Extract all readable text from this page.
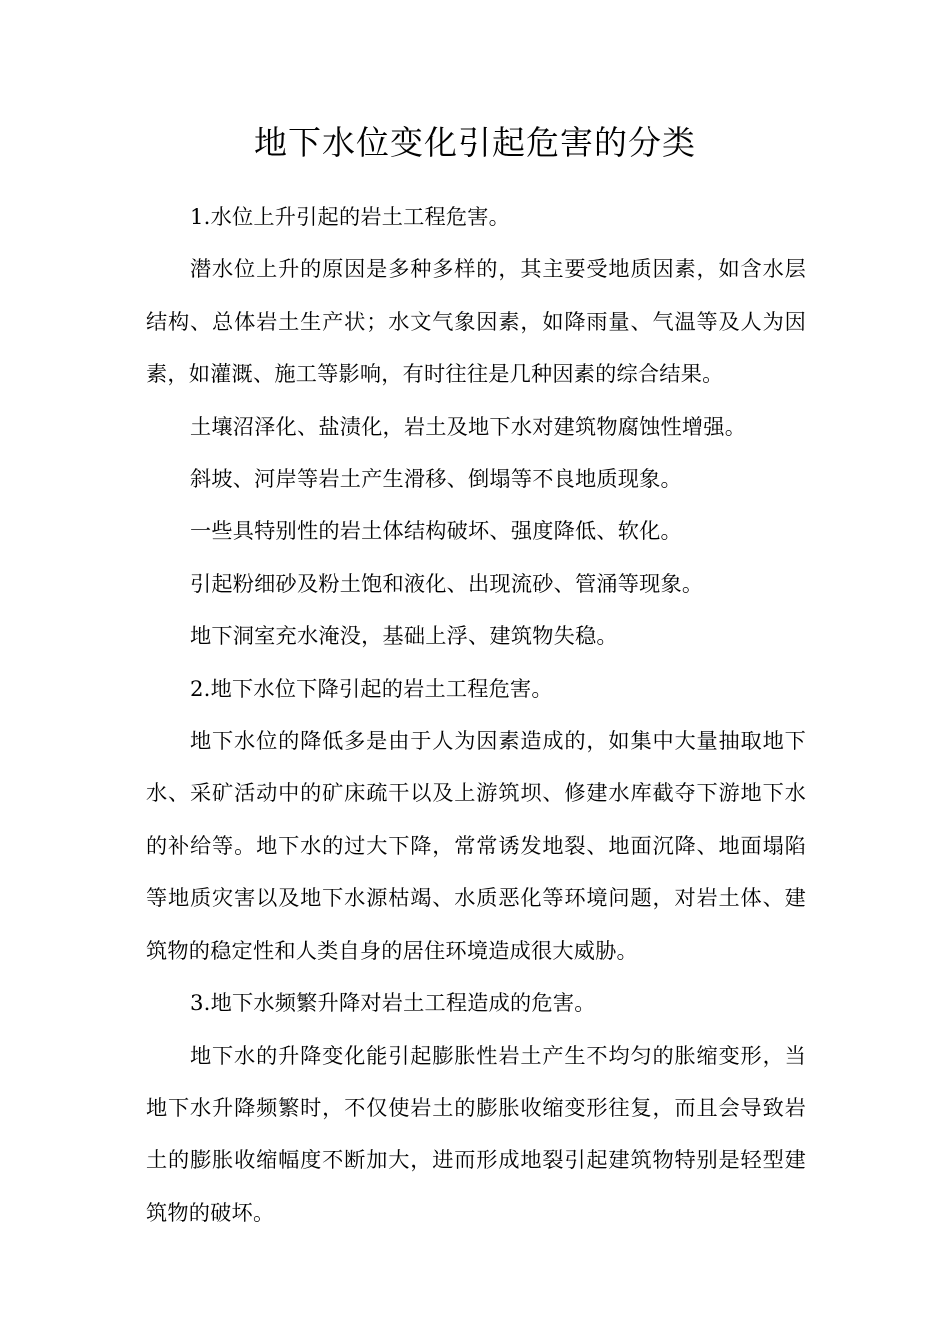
地下水位变化引起危害的分类

1.水位上升引起的岩土工程危害。

潜水位上升的原因是多种多样的，其主要受地质因素，如含水层结构、总体岩土生产状；水文气象因素，如降雨量、气温等及人为因素，如灌溉、施工等影响，有时往往是几种因素的综合结果。

土壤沼泽化、盐渍化，岩土及地下水对建筑物腐蚀性增强。

斜坡、河岸等岩土产生滑移、倒塌等不良地质现象。

一些具特别性的岩土体结构破坏、强度降低、软化。

引起粉细砂及粉土饱和液化、出现流砂、管涌等现象。

地下洞室充水淹没，基础上浮、建筑物失稳。

2.地下水位下降引起的岩土工程危害。

地下水位的降低多是由于人为因素造成的，如集中大量抽取地下水、采矿活动中的矿床疏干以及上游筑坝、修建水库截夺下游地下水的补给等。地下水的过大下降，常常诱发地裂、地面沉降、地面塌陷等地质灾害以及地下水源枯竭、水质恶化等环境问题，对岩土体、建筑物的稳定性和人类自身的居住环境造成很大威胁。

3.地下水频繁升降对岩土工程造成的危害。

地下水的升降变化能引起膨胀性岩土产生不均匀的胀缩变形，当地下水升降频繁时，不仅使岩土的膨胀收缩变形往复，而且会导致岩土的膨胀收缩幅度不断加大，进而形成地裂引起建筑物特别是轻型建筑物的破坏。
